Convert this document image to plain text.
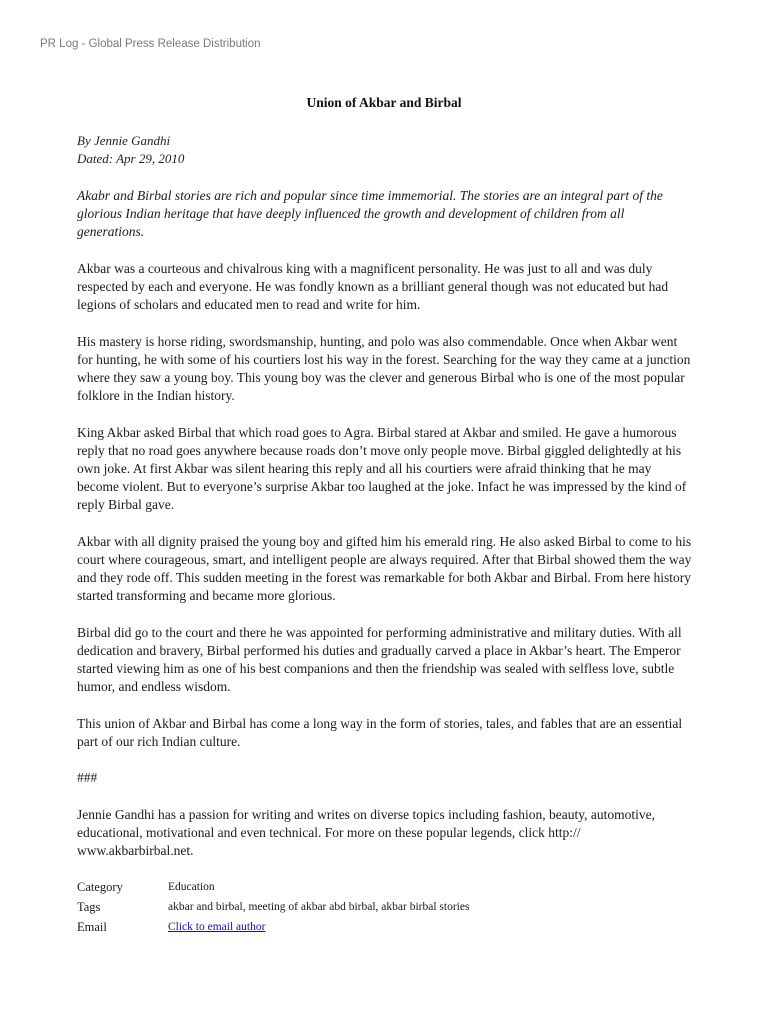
PR Log - Global Press Release Distribution
Union of Akbar and Birbal
By Jennie Gandhi
Dated: Apr 29, 2010

Akabr and Birbal stories are rich and popular since time immemorial. The stories are an integral part of the glorious Indian heritage that have deeply influenced the growth and development of children from all generations.

Akbar was a courteous and chivalrous king with a magnificent personality. He was just to all and was duly respected by each and everyone. He was fondly known as a brilliant general though was not educated but had legions of scholars and educated men to read and write for him.

His mastery is horse riding, swordsmanship, hunting, and polo was also commendable. Once when Akbar went for hunting, he with some of his courtiers lost his way in the forest. Searching for the way they came at a junction where they saw a young boy. This young boy was the clever and generous Birbal who is one of the most popular folklore in the Indian history.

King Akbar asked Birbal that which road goes to Agra. Birbal stared at Akbar and smiled. He gave a humorous reply that no road goes anywhere because roads don’t move only people move. Birbal giggled delightedly at his own joke. At first Akbar was silent hearing this reply and all his courtiers were afraid thinking that he may become violent. But to everyone’s surprise Akbar too laughed at the joke. Infact he was impressed by the kind of reply Birbal gave.

Akbar with all dignity praised the young boy and gifted him his emerald ring. He also asked Birbal to come to his court where courageous, smart, and intelligent people are always required. After that Birbal showed them the way and they rode off. This sudden meeting in the forest was remarkable for both Akbar and Birbal. From here history started transforming and became more glorious.

Birbal did go to the court and there he was appointed for performing administrative and military duties. With all dedication and bravery, Birbal performed his duties and gradually carved a place in Akbar’s heart. The Emperor started viewing him as one of his best companions and then the friendship was sealed with selfless love, subtle humor, and endless wisdom.

This union of Akbar and Birbal has come a long way in the form of stories, tales, and fables that are an essential part of our rich Indian culture.

###

Jennie Gandhi has a passion for writing and writes on diverse topics including fashion, beauty, automotive, educational, motivational and even technical. For more on these popular legends, click http:// www.akbarbirbal.net.

Category	Education
Tags	akbar and birbal, meeting of akbar abd birbal, akbar birbal stories
Email	Click to email author
